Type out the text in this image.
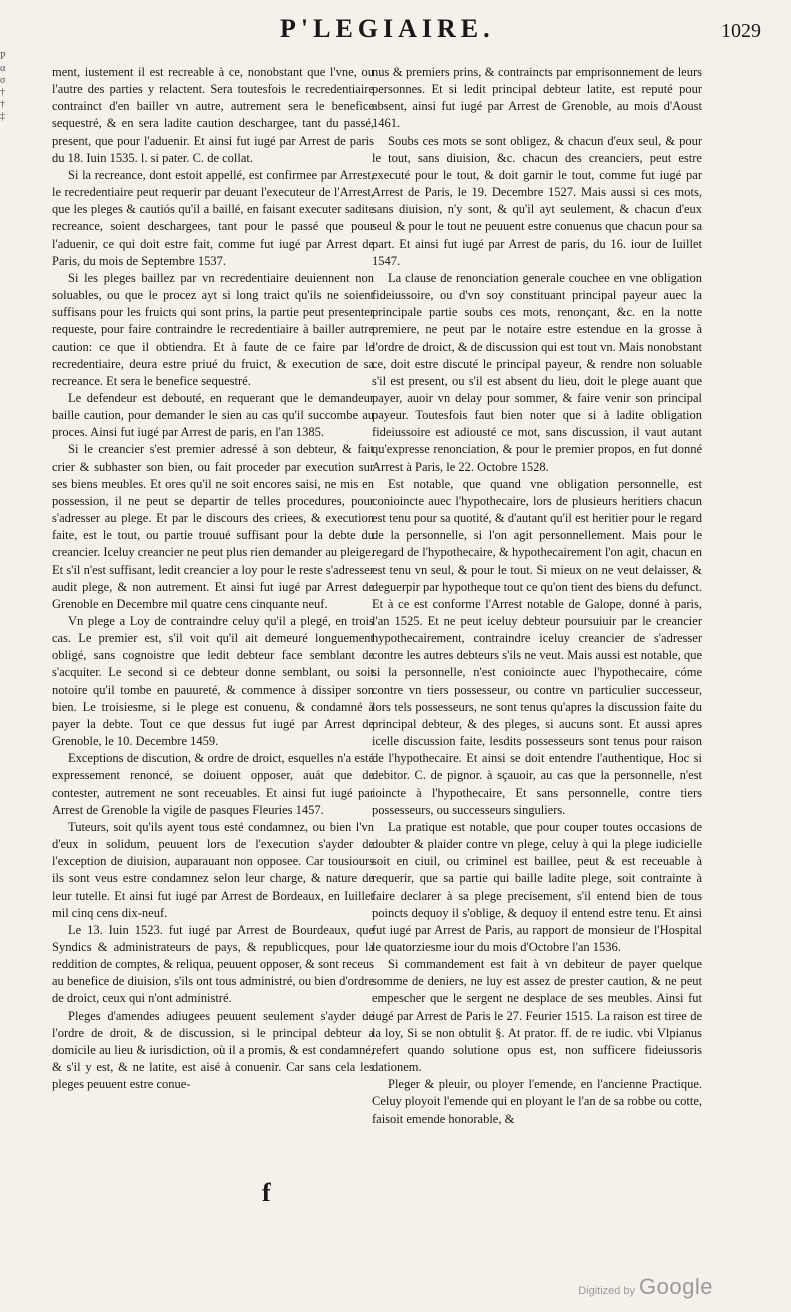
P
α
σ
†
†
‡
P'LEGIAIRE.	1029

ment, iustement il est recreable à ce, nonobstant que l'vne, ou l'autre des parties y relactent. Sera toutesfois le recredentiaire contrainct d'en bailler vn autre, autrement sera le benefice sequestré, & en sera ladite caution deschargee, tant du passé, present, que pour l'aduenir. Et ainsi fut iugé par Arrest de paris du 18. Iuin 1535. l. si pater. C. de collat.

Si la recreance, dont estoit appellé, est confirmee par Arrest, le recredentiaire peut requerir par deuant l'executeur de l'Arrest, que les pleges & cautiós qu'il a baillé, en faisant executer sadite recreance, soient deschargees, tant pour le passé que pour l'aduenir, ce qui doit estre fait, comme fut iugé par Arrest de Paris, du mois de Septembre 1537.

Si les pleges baillez par vn recredentiaire deuiennent non soluables, ou que le procez ayt si long traict qu'ils ne soient suffisans pour les fruicts qui sont prins, la partie peut presenter requeste, pour faire contraindre le recredentiaire à bailler autre caution: ce que il obtiendra. Et à faute de ce faire par le recredentiaire, deura estre priué du fruict, & execution de sa recreance. Et sera le benefice sequestré.

Le defendeur est debouté, en requerant que le demandeur baille caution, pour demander le sien au cas qu'il succombe au proces. Ainsi fut iugé par Arrest de paris, en l'an 1385.

Si le creancier s'est premier adressé à son debteur, & fait crier & subhaster son bien, ou fait proceder par execution sur ses biens meubles. Et ores qu'il ne soit encores saisi, ne mis en possession, il ne peut se departir de telles procedures, pour s'adresser au plege. Et par le discours des criees, & execution faite, est le tout, ou partie trouué suffisant pour la debte du creancier. Iceluy creancier ne peut plus rien demander au pleige. Et s'il n'est suffisant, ledit creancier a loy pour le reste s'adresser audit plege, & non autrement. Et ainsi fut iugé par Arrest de Grenoble en Decembre mil quatre cens cinquante neuf.

Vn plege a Loy de contraindre celuy qu'il a plegé, en trois cas. Le premier est, s'il voit qu'il ait demeuré longuement obligé, sans cognoistre que ledit debteur face semblant de s'acquiter. Le second si ce debteur donne semblant, ou soit notoire qu'il tombe en pauureté, & commence à dissiper son bien. Le troisiesme, si le plege est conuenu, & condamné à payer la debte. Tout ce que dessus fut iugé par Arrest de Grenoble, le 10. Decembre 1459.

Exceptions de discution, & ordre de droict, esquelles n'a esté expressement renoncé, se doiuent opposer, auát que de contester, autrement ne sont receuables. Et ainsi fut iugé par Arrest de Grenoble la vigile de pasques Fleuries 1457.

Tuteurs, soit qu'ils ayent tous esté condamnez, ou bien l'vn d'eux in solidum, peuuent lors de l'execution s'ayder de l'exception de diuision, auparauant non opposee. Car tousiours ils sont veus estre condamnez selon leur charge, & nature de leur tutelle. Et ainsi fut iugé par Arrest de Bordeaux, en Iuillet mil cinq cens dix-neuf.

Le 13. Iuin 1523. fut iugé par Arrest de Bourdeaux, que Syndics & administrateurs de pays, & republicques, pour la reddition de comptes, & reliqua, peuuent opposer, & sont receus au benefice de diuision, s'ils ont tous administré, ou bien d'ordre de droict, ceux qui n'ont administré.

Pleges d'amendes adiugees peuuent seulement s'ayder de l'ordre de droit, & de discussion, si le principal debteur a domicile au lieu & iurisdiction, où il a promis, & est condamné, & s'il y est, & ne latite, est aisé à conuenir. Car sans cela les pleges peuuent estre conue-

nus & premiers prins, & contraincts par emprisonnement de leurs personnes. Et si ledit principal debteur latite, est reputé pour absent, ainsi fut iugé par Arrest de Grenoble, au mois d'Aoust 1461.

Soubs ces mots se sont obligez, & chacun d'eux seul, & pour le tout, sans diuision, &c. chacun des creanciers, peut estre executé pour le tout, & doit garnir le tout, comme fut iugé par Arrest de Paris, le 19. Decembre 1527. Mais aussi si ces mots, sans diuision, n'y sont, & qu'il ayt seulement, & chacun d'eux seul & pour le tout ne peuuent estre conuenus que chacun pour sa part. Et ainsi fut iugé par Arrest de paris, du 16. iour de Iuillet 1547.

La clause de renonciation generale couchee en vne obligation fideiussoire, ou d'vn soy constituant principal payeur auec la principale partie soubs ces mots, renonçant, &c. en la notte premiere, ne peut par le notaire estre estendue en la grosse à l'ordre de droict, & de discussion qui est tout vn. Mais nonobstant ce, doit estre discuté le principal payeur, & rendre non soluable s'il est present, ou s'il est absent du lieu, doit le plege auant que payer, auoir vn delay pour sommer, & faire venir son principal payeur. Toutesfois faut bien noter que si à ladite obligation fideiussoire est adiousté ce mot, sans discussion, il vaut autant qu'expresse renonciation, & pour le premier propos, en fut donné Arrest à Paris, le 22. Octobre 1528.

Est notable, que quand vne obligation personnelle, est conioincte auec l'hypothecaire, lors de plusieurs heritiers chacun est tenu pour sa quotité, & d'autant qu'il est heritier pour le regard de la personnelle, si l'on agit personnellement. Mais pour le regard de l'hypothecaire, & hypothecairement l'on agit, chacun en est tenu vn seul, & pour le tout. Si mieux on ne veut delaisser, & deguerpir par hypotheque tout ce qu'on tient des biens du defunct. Et à ce est conforme l'Arrest notable de Galope, donné à paris, l'an 1525. Et ne peut iceluy debteur poursuiuir par le creancier hypothecairement, contraindre iceluy creancier de s'adresser contre les autres debteurs s'ils ne veut. Mais aussi est notable, que si la personnelle, n'est conioincte auec l'hypothecaire, cóme contre vn tiers possesseur, ou contre vn particulier successeur, lors tels possesseurs, ne sont tenus qu'apres la discussion faite du principal debteur, & des pleges, si aucuns sont. Et aussi apres icelle discussion faite, lesdits possesseurs sont tenus pour raison de l'hypothecaire. Et ainsi se doit entendre l'authentique, Hoc si debitor. C. de pignor. à sçauoir, au cas que la personnelle, n'est ioincte à l'hypothecaire, Et sans personnelle, contre tiers possesseurs, ou successeurs singuliers.

La pratique est notable, que pour couper toutes occasions de doubter & plaider contre vn plege, celuy à qui la plege iudicielle soit en ciuil, ou criminel est baillee, peut & est receuable à requerir, que sa partie qui baille ladite plege, soit contrainte à faire declarer à sa plege precisement, s'il entend bien de tous poincts dequoy il s'oblige, & dequoy il entend estre tenu. Et ainsi fut iugé par Arrest de Paris, au rapport de monsieur de l'Hospital le quatorziesme iour du mois d'Octobre l'an 1536.

Si commandement est fait à vn debiteur de payer quelque somme de deniers, ne luy est assez de prester caution, & ne peut empescher que le sergent ne desplace de ses meubles. Ainsi fut iugé par Arrest de Paris le 27. Feurier 1515. La raison est tiree de la loy, Si se non obtulit §. At prator. ff. de re iudic. vbi Vlpianus refert quando solutione opus est, non sufficere fideiussoris dationem.

Pleger & pleuir, ou ployer l'emende, en l'ancienne Practique. Celuy ployoit l'emende qui en ployant le l'an de sa robbe ou cotte, faisoit emende honorable, &

f
Digitized by Google
